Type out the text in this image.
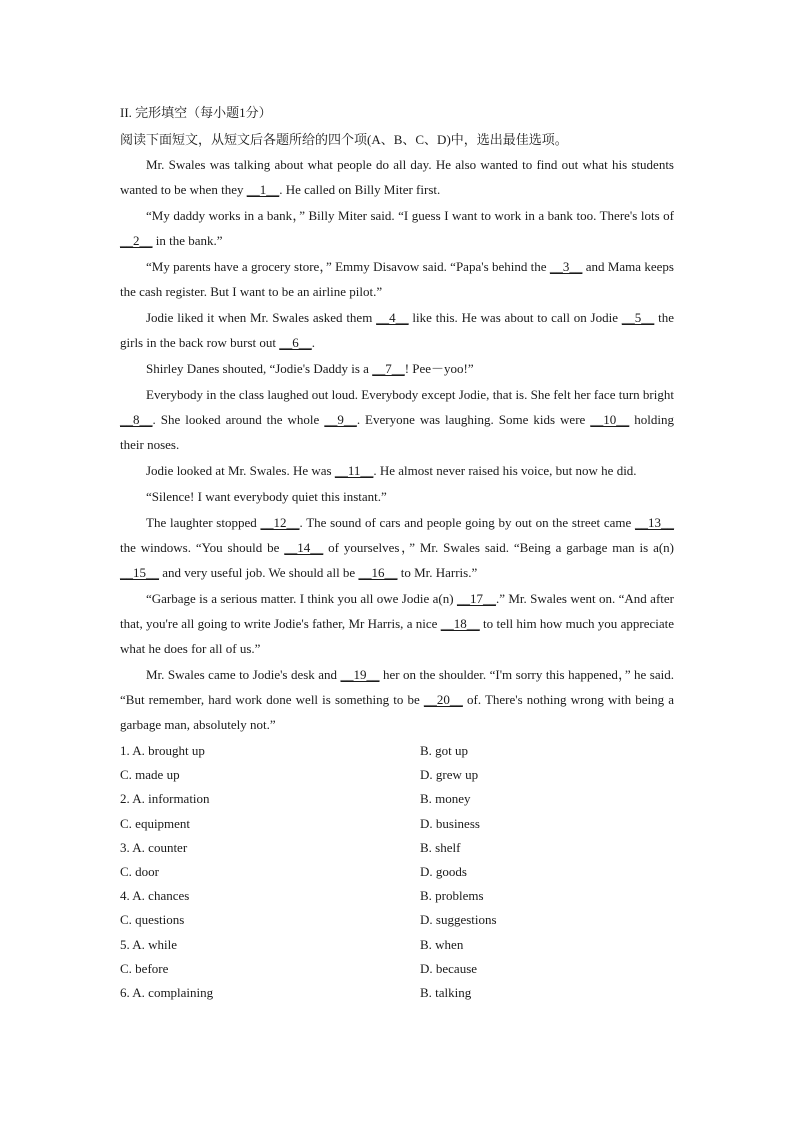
II. 完形填空（每小题1分）
阅读下面短文，从短文后各题所给的四个项(A、B、C、D)中，选出最佳选项。

Mr. Swales was talking about what people do all day. He also wanted to find out what his students wanted to be when they __1__. He called on Billy Miter first.

“My daddy works in a bank，” Billy Miter said. “I guess I want to work in a bank too. There's lots of __2__ in the bank.”

“My parents have a grocery store，” Emmy Disavow said. “Papa's behind the __3__ and Mama keeps the cash register. But I want to be an airline pilot.”

Jodie liked it when Mr. Swales asked them __4__ like this. He was about to call on Jodie __5__ the girls in the back row burst out __6__.

Shirley Danes shouted, “Jodie's Daddy is a __7__! Pee－yoo!”

Everybody in the class laughed out loud. Everybody except Jodie, that is. She felt her face turn bright __8__. She looked around the whole __9__. Everyone was laughing. Some kids were __10__ holding their noses.

Jodie looked at Mr. Swales. He was __11__. He almost never raised his voice, but now he did.

“Silence! I want everybody quiet this instant.”

The laughter stopped __12__. The sound of cars and people going by out on the street came __13__ the windows. “You should be __14__ of yourselves，” Mr. Swales said. “Being a garbage man is a(n) __15__ and very useful job. We should all be __16__ to Mr. Harris.”

“Garbage is a serious matter. I think you all owe Jodie a(n) __17__.” Mr. Swales went on. “And after that, you're all going to write Jodie's father, Mr Harris, a nice __18__ to tell him how much you appreciate what he does for all of us.”

Mr. Swales came to Jodie's desk and __19__ her on the shoulder. “I'm sorry this happened，” he said. “But remember, hard work done well is something to be __20__ of. There's nothing wrong with being a garbage man, absolutely not.”

1. A. brought up	B. got up
C. made up	D. grew up
2. A. information	B. money
C. equipment	D. business
3. A. counter	B. shelf
C. door	D. goods
4. A. chances	B. problems
C. questions	D. suggestions
5. A. while	B. when
C. before	D. because
6. A. complaining	B. talking
